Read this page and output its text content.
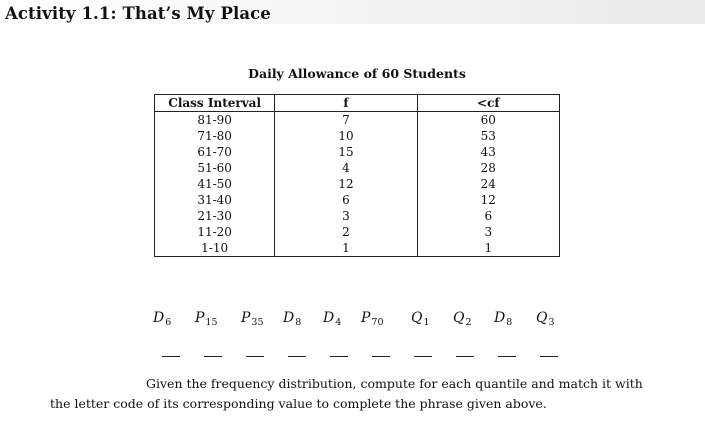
Activity 1.1: That’s My Place
Daily Allowance of 60 Students
Class Interval	f	<cf
81-90	7	60
71-80	10	53
61-70	15	43
51-60	4	28
41-50	12	24
31-40	6	12
21-30	3	6
11-20	2	3
1-10	1	1
$D_6$ $P_{15}$ $P_{35}$ $D_8$ $D_4$ $P_{70}$ $Q_1$ $Q_2$ $D_8$ $Q_3$
Given the frequency distribution, compute for each quantile and match it with
the letter code of its corresponding value to complete the phrase given above.
